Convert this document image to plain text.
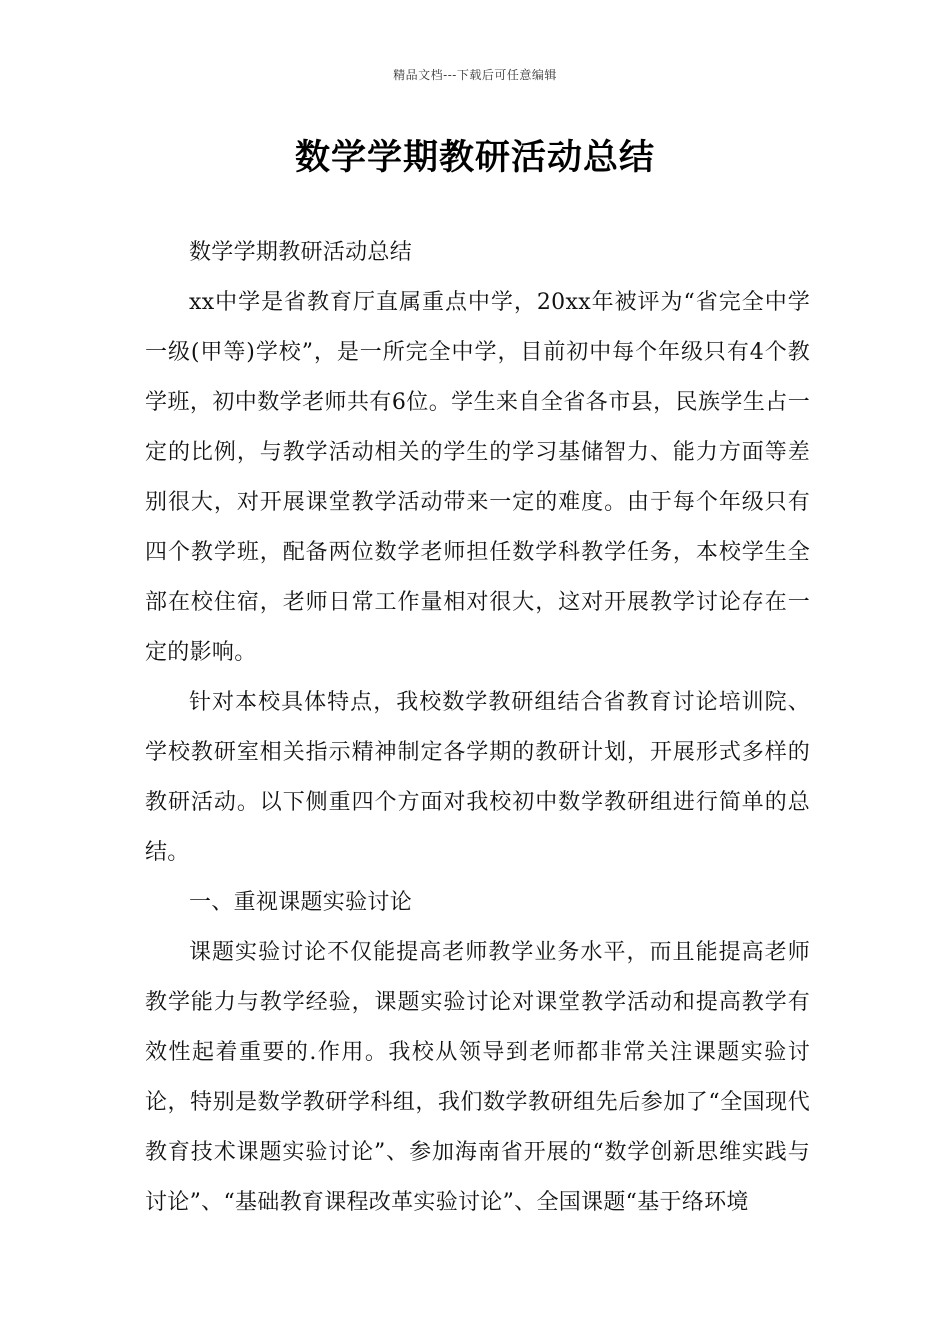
精品文档---下载后可任意编辑
数学学期教研活动总结

数学学期教研活动总结

xx中学是省教育厅直属重点中学，20xx年被评为“省完全中学一级(甲等)学校”，是一所完全中学，目前初中每个年级只有4个教学班，初中数学老师共有6位。学生来自全省各市县，民族学生占一定的比例，与教学活动相关的学生的学习基储智力、能力方面等差别很大，对开展课堂教学活动带来一定的难度。由于每个年级只有四个教学班，配备两位数学老师担任数学科教学任务，本校学生全部在校住宿，老师日常工作量相对很大，这对开展教学讨论存在一定的影响。

针对本校具体特点，我校数学教研组结合省教育讨论培训院、学校教研室相关指示精神制定各学期的教研计划，开展形式多样的教研活动。以下侧重四个方面对我校初中数学教研组进行简单的总结。

一、重视课题实验讨论

课题实验讨论不仅能提高老师教学业务水平，而且能提高老师教学能力与教学经验，课题实验讨论对课堂教学活动和提高教学有效性起着重要的.作用。我校从领导到老师都非常关注课题实验讨论，特别是数学教研学科组，我们数学教研组先后参加了“全国现代教育技术课题实验讨论”、参加海南省开展的“数学创新思维实践与讨论”、“基础教育课程改革实验讨论”、全国课题“基于络环境
